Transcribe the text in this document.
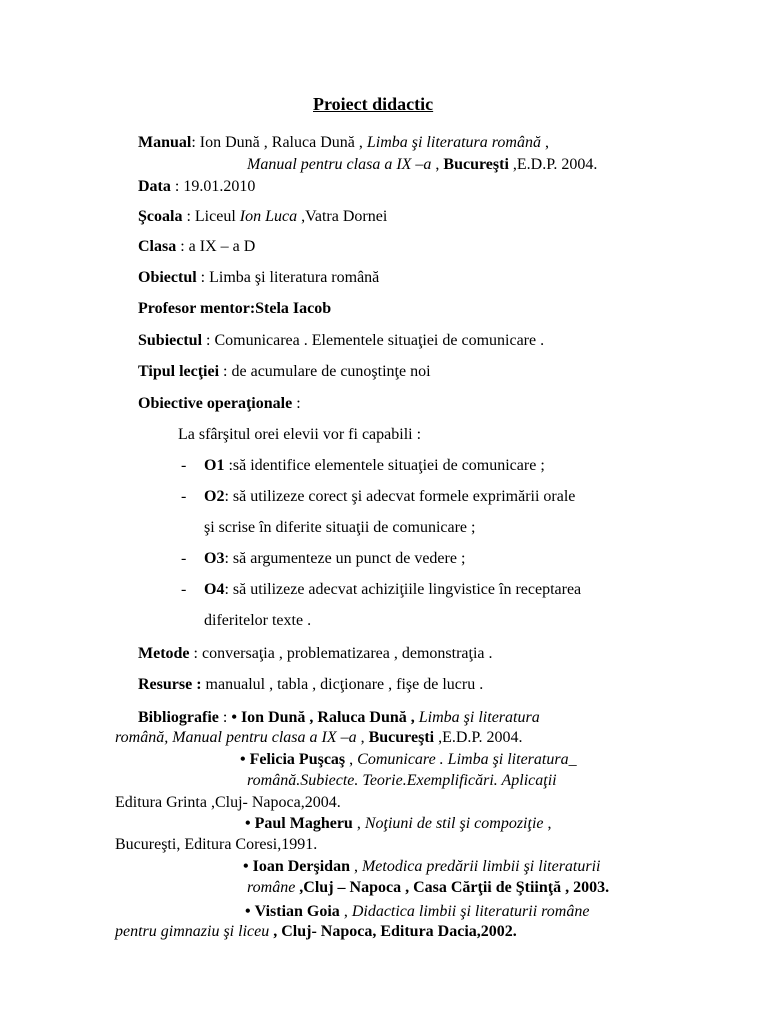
Proiect didactic
Manual: Ion Dună , Raluca Dună , Limba şi literatura română ,
Manual pentru clasa a IX –a , Bucureşti ,E.D.P. 2004.
Data : 19.01.2010
Şcoala : Liceul Ion Luca ,Vatra Dornei
Clasa : a IX – a D
Obiectul : Limba şi literatura română
Profesor mentor:Stela Iacob
Subiectul : Comunicarea . Elementele situaţiei de comunicare .
Tipul lecţiei : de acumulare de cunoştinţe noi
Obiective operaţionale :
La sfârşitul orei elevii vor fi capabili :
- O1 :să identifice elementele situaţiei de comunicare ;
- O2: să utilizeze corect şi adecvat formele exprimării orale
şi scrise în diferite situaţii de comunicare ;
- O3: să argumenteze un punct de vedere ;
- O4: să utilizeze adecvat achiziţiile lingvistice în receptarea
diferitelor texte .
Metode : conversaţia , problematizarea , demonstraţia .
Resurse : manualul , tabla , dicţionare , fişe de lucru .
Bibliografie : • Ion Dună , Raluca Dună , Limba şi literatura
română, Manual pentru clasa a IX –a , Bucureşti ,E.D.P. 2004.
• Felicia Puşcaş , Comunicare . Limba şi literatura_
română.Subiecte. Teorie.Exemplificări. Aplicaţii
Editura Grinta ,Cluj- Napoca,2004.
• Paul Magheru , Noţiuni de stil şi compoziţie ,
Bucureşti, Editura Coresi,1991.
• Ioan Derşidan , Metodica predării limbii şi literaturii
române ,Cluj – Napoca , Casa Cărţii de Ştiinţă , 2003.
• Vistian Goia , Didactica limbii şi literaturii române
pentru gimnaziu şi liceu , Cluj- Napoca, Editura Dacia,2002.
